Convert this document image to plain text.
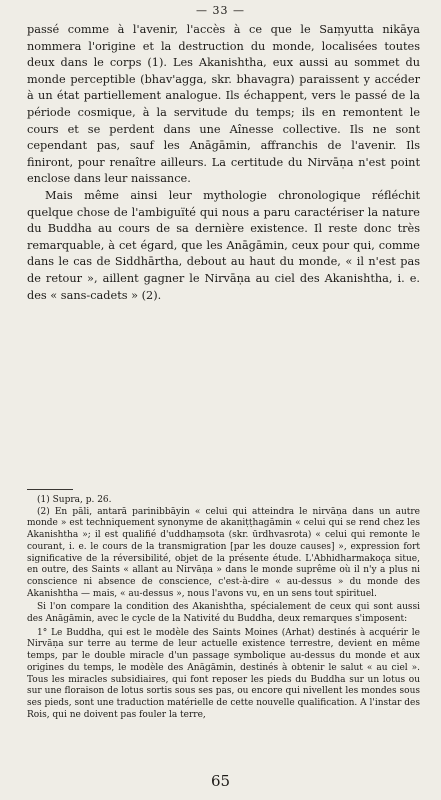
— 33 —

passé comme à l'avenir, l'accès à ce que le Saṃyutta nikāya nommera l'origine et la destruction du monde, localisées toutes deux dans le corps (1). Les Akanishtha, eux aussi au sommet du monde perceptible (bhav'agga, skr. bhavagra) paraissent y accéder à un état partiellement analogue. Ils échappent, vers le passé de la période cosmique, à la servitude du temps; ils en remontent le cours et se perdent dans une Aînesse collective. Ils ne sont cependant pas, sauf les Anāgāmin, affranchis de l'avenir. Ils finiront, pour renaître ailleurs. La certitude du Nirvāṇa n'est point enclose dans leur naissance.

Mais même ainsi leur mythologie chronologique réfléchit quelque chose de l'ambiguïté qui nous a paru caractériser la nature du Buddha au cours de sa dernière existence. Il reste donc très remarquable, à cet égard, que les Anāgāmin, ceux pour qui, comme dans le cas de Siddhārtha, debout au haut du monde, « il n'est pas de retour », aillent gagner le Nirvāṇa au ciel des Akanishtha, i. e. des « sans-cadets » (2).

(1) Supra, p. 26.

(2) En pāli, antarā parinibbāyin « celui qui atteindra le nirvāṇa dans un autre monde » est techniquement synonyme de akaniṭṭhagāmin « celui qui se rend chez les Akanishtha »; il est qualifié d'uddhaṃsota (skr. ūrdhvasrota) « celui qui remonte le courant, i. e. le cours de la transmigration [par les douze causes] », expression fort significative de la réversibilité, objet de la présente étude. L'Abhidharmakoça situe, en outre, des Saints « allant au Nirvāṇa » dans le monde suprême où il n'y a plus ni conscience ni absence de conscience, c'est-à-dire « au-dessus » du monde des Akanishtha — mais, « au-dessus », nous l'avons vu, en un sens tout spirituel.

Si l'on compare la condition des Akanishtha, spécialement de ceux qui sont aussi des Anāgāmin, avec le cycle de la Nativité du Buddha, deux remarques s'imposent:

1° Le Buddha, qui est le modèle des Saints Moines (Arhat) destinés à acquérir le Nirvāṇa sur terre au terme de leur actuelle existence terrestre, devient en même temps, par le double miracle d'un passage symbolique au-dessus du monde et aux origines du temps, le modèle des Anāgāmin, destinés à obtenir le salut « au ciel ». Tous les miracles subsidiaires, qui font reposer les pieds du Buddha sur un lotus ou sur une floraison de lotus sortis sous ses pas, ou encore qui nivellent les mondes sous ses pieds, sont une traduction matérielle de cette nouvelle qualification. A l'instar des Rois, qui ne doivent pas fouler la terre,

65
